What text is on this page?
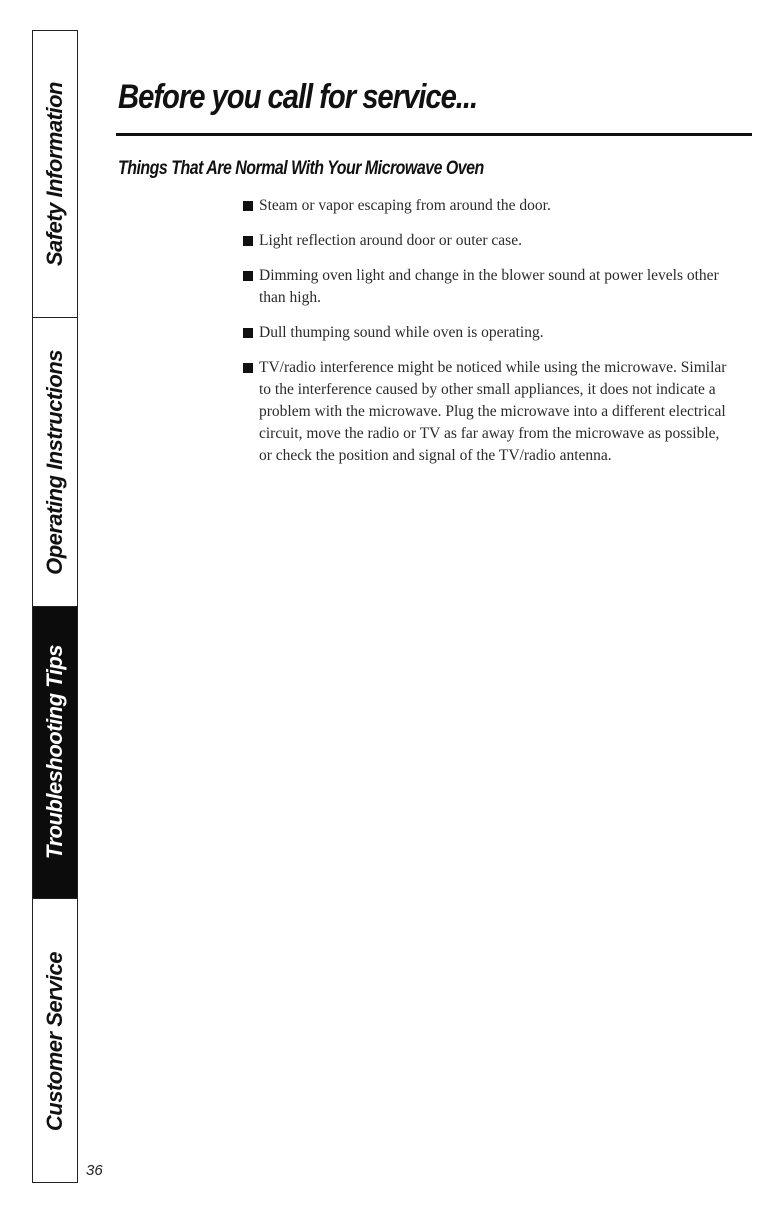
Safety Information
Operating Instructions
Troubleshooting Tips
Customer Service
Before you call for service...
Things That Are Normal With Your Microwave Oven
Steam or vapor escaping from around the door.
Light reflection around door or outer case.
Dimming oven light and change in the blower sound at power levels other than high.
Dull thumping sound while oven is operating.
TV/radio interference might be noticed while using the microwave. Similar to the interference caused by other small appliances, it does not indicate a problem with the microwave. Plug the microwave into a different electrical circuit, move the radio or TV as far away from the microwave as possible, or check the position and signal of the TV/radio antenna.
36
